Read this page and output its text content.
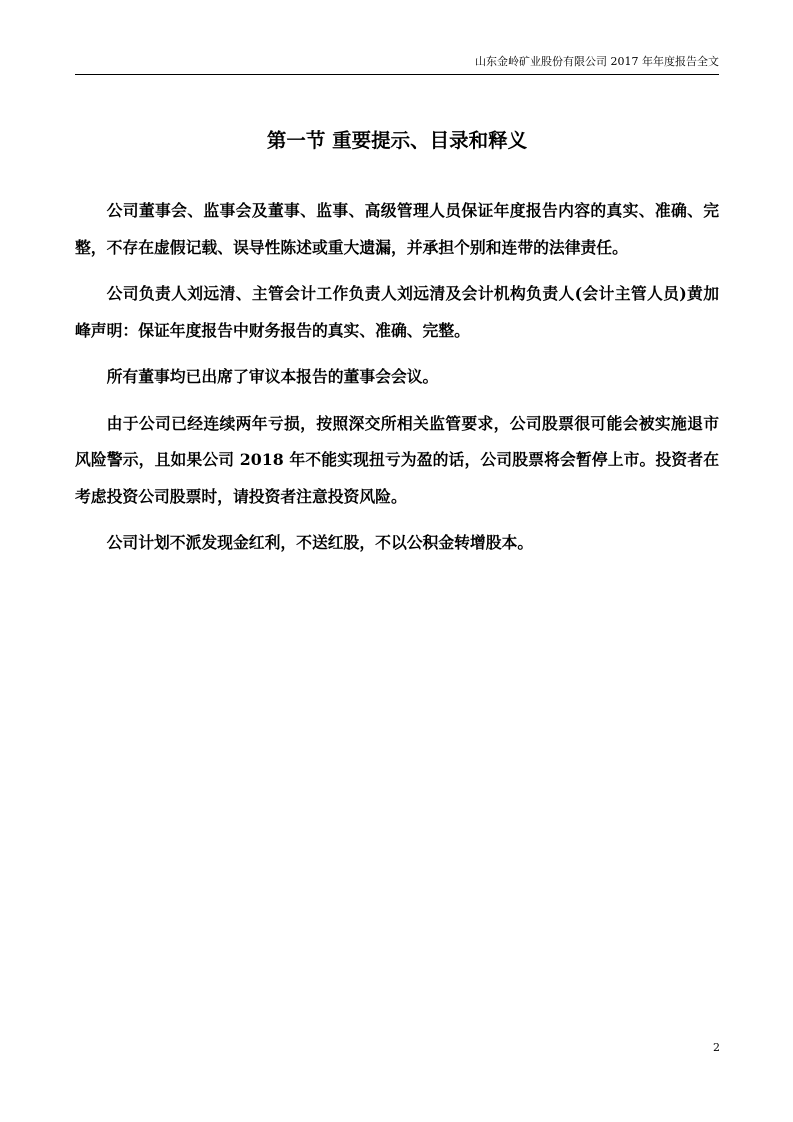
山东金岭矿业股份有限公司 2017 年年度报告全文
第一节 重要提示、目录和释义

公司董事会、监事会及董事、监事、高级管理人员保证年度报告内容的真实、准确、完整，不存在虚假记载、误导性陈述或重大遗漏，并承担个别和连带的法律责任。

公司负责人刘远清、主管会计工作负责人刘远清及会计机构负责人(会计主管人员)黄加峰声明：保证年度报告中财务报告的真实、准确、完整。

所有董事均已出席了审议本报告的董事会会议。

由于公司已经连续两年亏损，按照深交所相关监管要求，公司股票很可能会被实施退市风险警示，且如果公司 2018 年不能实现扭亏为盈的话，公司股票将会暂停上市。投资者在考虑投资公司股票时，请投资者注意投资风险。

公司计划不派发现金红利，不送红股，不以公积金转增股本。

2
